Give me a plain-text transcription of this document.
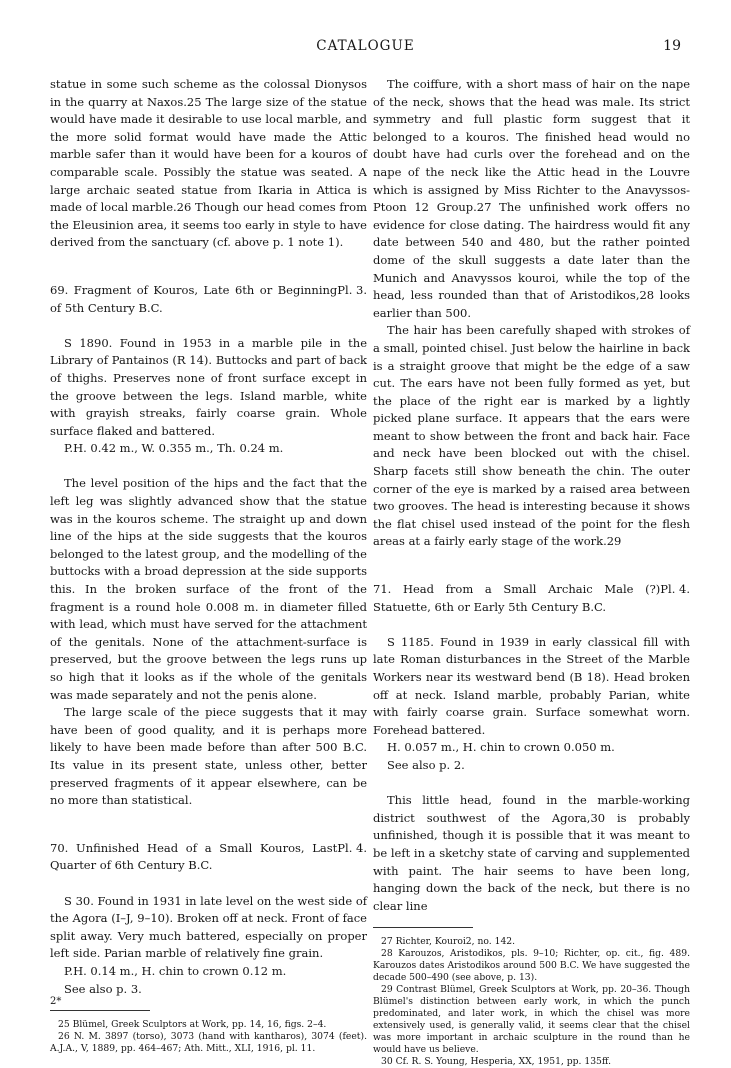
CATALOGUE	19

statue in some such scheme as the colossal Dionysos in the quarry at Naxos.25 The large size of the statue would have made it desirable to use local marble, and the more solid format would have made the Attic marble safer than it would have been for a kouros of comparable scale. Possibly the statue was seated. A large archaic seated statue from Ikaria in Attica is made of local marble.26 Though our head comes from the Eleusinion area, it seems too early in style to have derived from the sanctuary (cf. above p. 1 note 1).

Pl. 3.
69. Fragment of Kouros, Late 6th or Beginning of 5th Century B.C.

S 1890. Found in 1953 in a marble pile in the Library of Pantainos (R 14). Buttocks and part of back of thighs. Preserves none of front surface except in the groove between the legs. Island marble, white with grayish streaks, fairly coarse grain. Whole surface flaked and battered.

P.H. 0.42 m., W. 0.355 m., Th. 0.24 m.

The level position of the hips and the fact that the left leg was slightly advanced show that the statue was in the kouros scheme. The straight up and down line of the hips at the side suggests that the kouros belonged to the latest group, and the modelling of the buttocks with a broad depression at the side supports this. In the broken surface of the front of the fragment is a round hole 0.008 m. in diameter filled with lead, which must have served for the attachment of the genitals. None of the attachment-surface is preserved, but the groove between the legs runs up so high that it looks as if the whole of the genitals was made separately and not the penis alone.

The large scale of the piece suggests that it may have been of good quality, and it is perhaps more likely to have been made before than after 500 B.C. Its value in its present state, unless other, better preserved fragments of it appear elsewhere, can be no more than statistical.

Pl. 4.
70. Unfinished Head of a Small Kouros, Last Quarter of 6th Century B.C.

S 30. Found in 1931 in late level on the west side of the Agora (I–J, 9–10). Broken off at neck. Front of face split away. Very much battered, especially on proper left side. Parian marble of relatively fine grain.

P.H. 0.14 m., H. chin to crown 0.12 m.

See also p. 3.

25 Blümel, Greek Sculptors at Work, pp. 14, 16, figs. 2–4.

26 N. M. 3897 (torso), 3073 (hand with kantharos), 3074 (feet). A.J.A., V, 1889, pp. 464–467; Ath. Mitt., XLI, 1916, pl. 11.

The coiffure, with a short mass of hair on the nape of the neck, shows that the head was male. Its strict symmetry and full plastic form suggest that it belonged to a kouros. The finished head would no doubt have had curls over the forehead and on the nape of the neck like the Attic head in the Louvre which is assigned by Miss Richter to the Anavyssos-Ptoon 12 Group.27 The unfinished work offers no evidence for close dating. The hairdress would fit any date between 540 and 480, but the rather pointed dome of the skull suggests a date later than the Munich and Anavyssos kouroi, while the top of the head, less rounded than that of Aristodikos,28 looks earlier than 500.

The hair has been carefully shaped with strokes of a small, pointed chisel. Just below the hairline in back is a straight groove that might be the edge of a saw cut. The ears have not been fully formed as yet, but the place of the right ear is marked by a lightly picked plane surface. It appears that the ears were meant to show between the front and back hair. Face and neck have been blocked out with the chisel. Sharp facets still show beneath the chin. The outer corner of the eye is marked by a raised area between two grooves. The head is interesting because it shows the flat chisel used instead of the point for the flesh areas at a fairly early stage of the work.29

Pl. 4.
71. Head from a Small Archaic Male (?) Statuette, 6th or Early 5th Century B.C.

S 1185. Found in 1939 in early classical fill with late Roman disturbances in the Street of the Marble Workers near its westward bend (B 18). Head broken off at neck. Island marble, probably Parian, white with fairly coarse grain. Surface somewhat worn. Forehead battered.

H. 0.057 m., H. chin to crown 0.050 m.

See also p. 2.

This little head, found in the marble-working district southwest of the Agora,30 is probably unfinished, though it is possible that it was meant to be left in a sketchy state of carving and supplemented with paint. The hair seems to have been long, hanging down the back of the neck, but there is no clear line

27 Richter, Kouroi2, no. 142.

28 Karouzos, Aristodikos, pls. 9–10; Richter, op. cit., fig. 489. Karouzos dates Aristodikos around 500 B.C. We have suggested the decade 500–490 (see above, p. 13).

29 Contrast Blümel, Greek Sculptors at Work, pp. 20–36. Though Blümel's distinction between early work, in which the punch predominated, and later work, in which the chisel was more extensively used, is generally valid, it seems clear that the chisel was more important in archaic sculpture in the round than he would have us believe.

30 Cf. R. S. Young, Hesperia, XX, 1951, pp. 135ff.

2*
